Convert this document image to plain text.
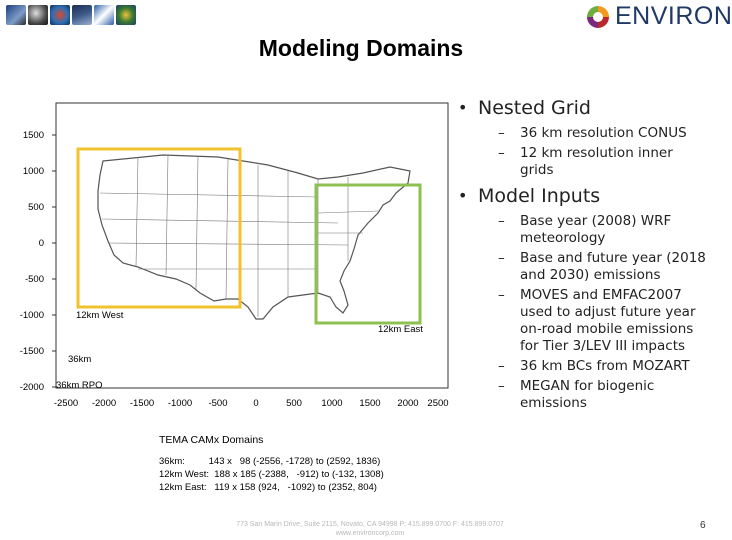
ENVIRON
Modeling Domains
1500
1000
500
0
-500
-1000
-1500
-2000
-2500 -2000 -1500 -1000 -500	0	500 1000 1500 2000 2500
12km West
12km East
36km
36km RPO
TEMA CAMx Domains
36km:         143 x   98 (-2556, -1728) to (2592, 1836)
12km West:  188 x 185 (-2388,   -912) to (-132, 1308)
12km East:   119 x 158 (924,   -1092) to (2352, 804)
• Nested Grid
–	36 km resolution CONUS
–	12 km resolution inner grids
• Model Inputs
–	Base year (2008) WRF meteorology
–	Base and future year (2018 and 2030) emissions
–	MOVES and EMFAC2007 used to adjust future year on-road mobile emissions for Tier 3/LEV III impacts
–	36 km BCs from MOZART
–	MEGAN for biogenic emissions
773 San Marin Drive, Suite 2115, Novato, CA 94998 P: 415.899.0700 F: 415.899.0707
www.environcorp.com
6
